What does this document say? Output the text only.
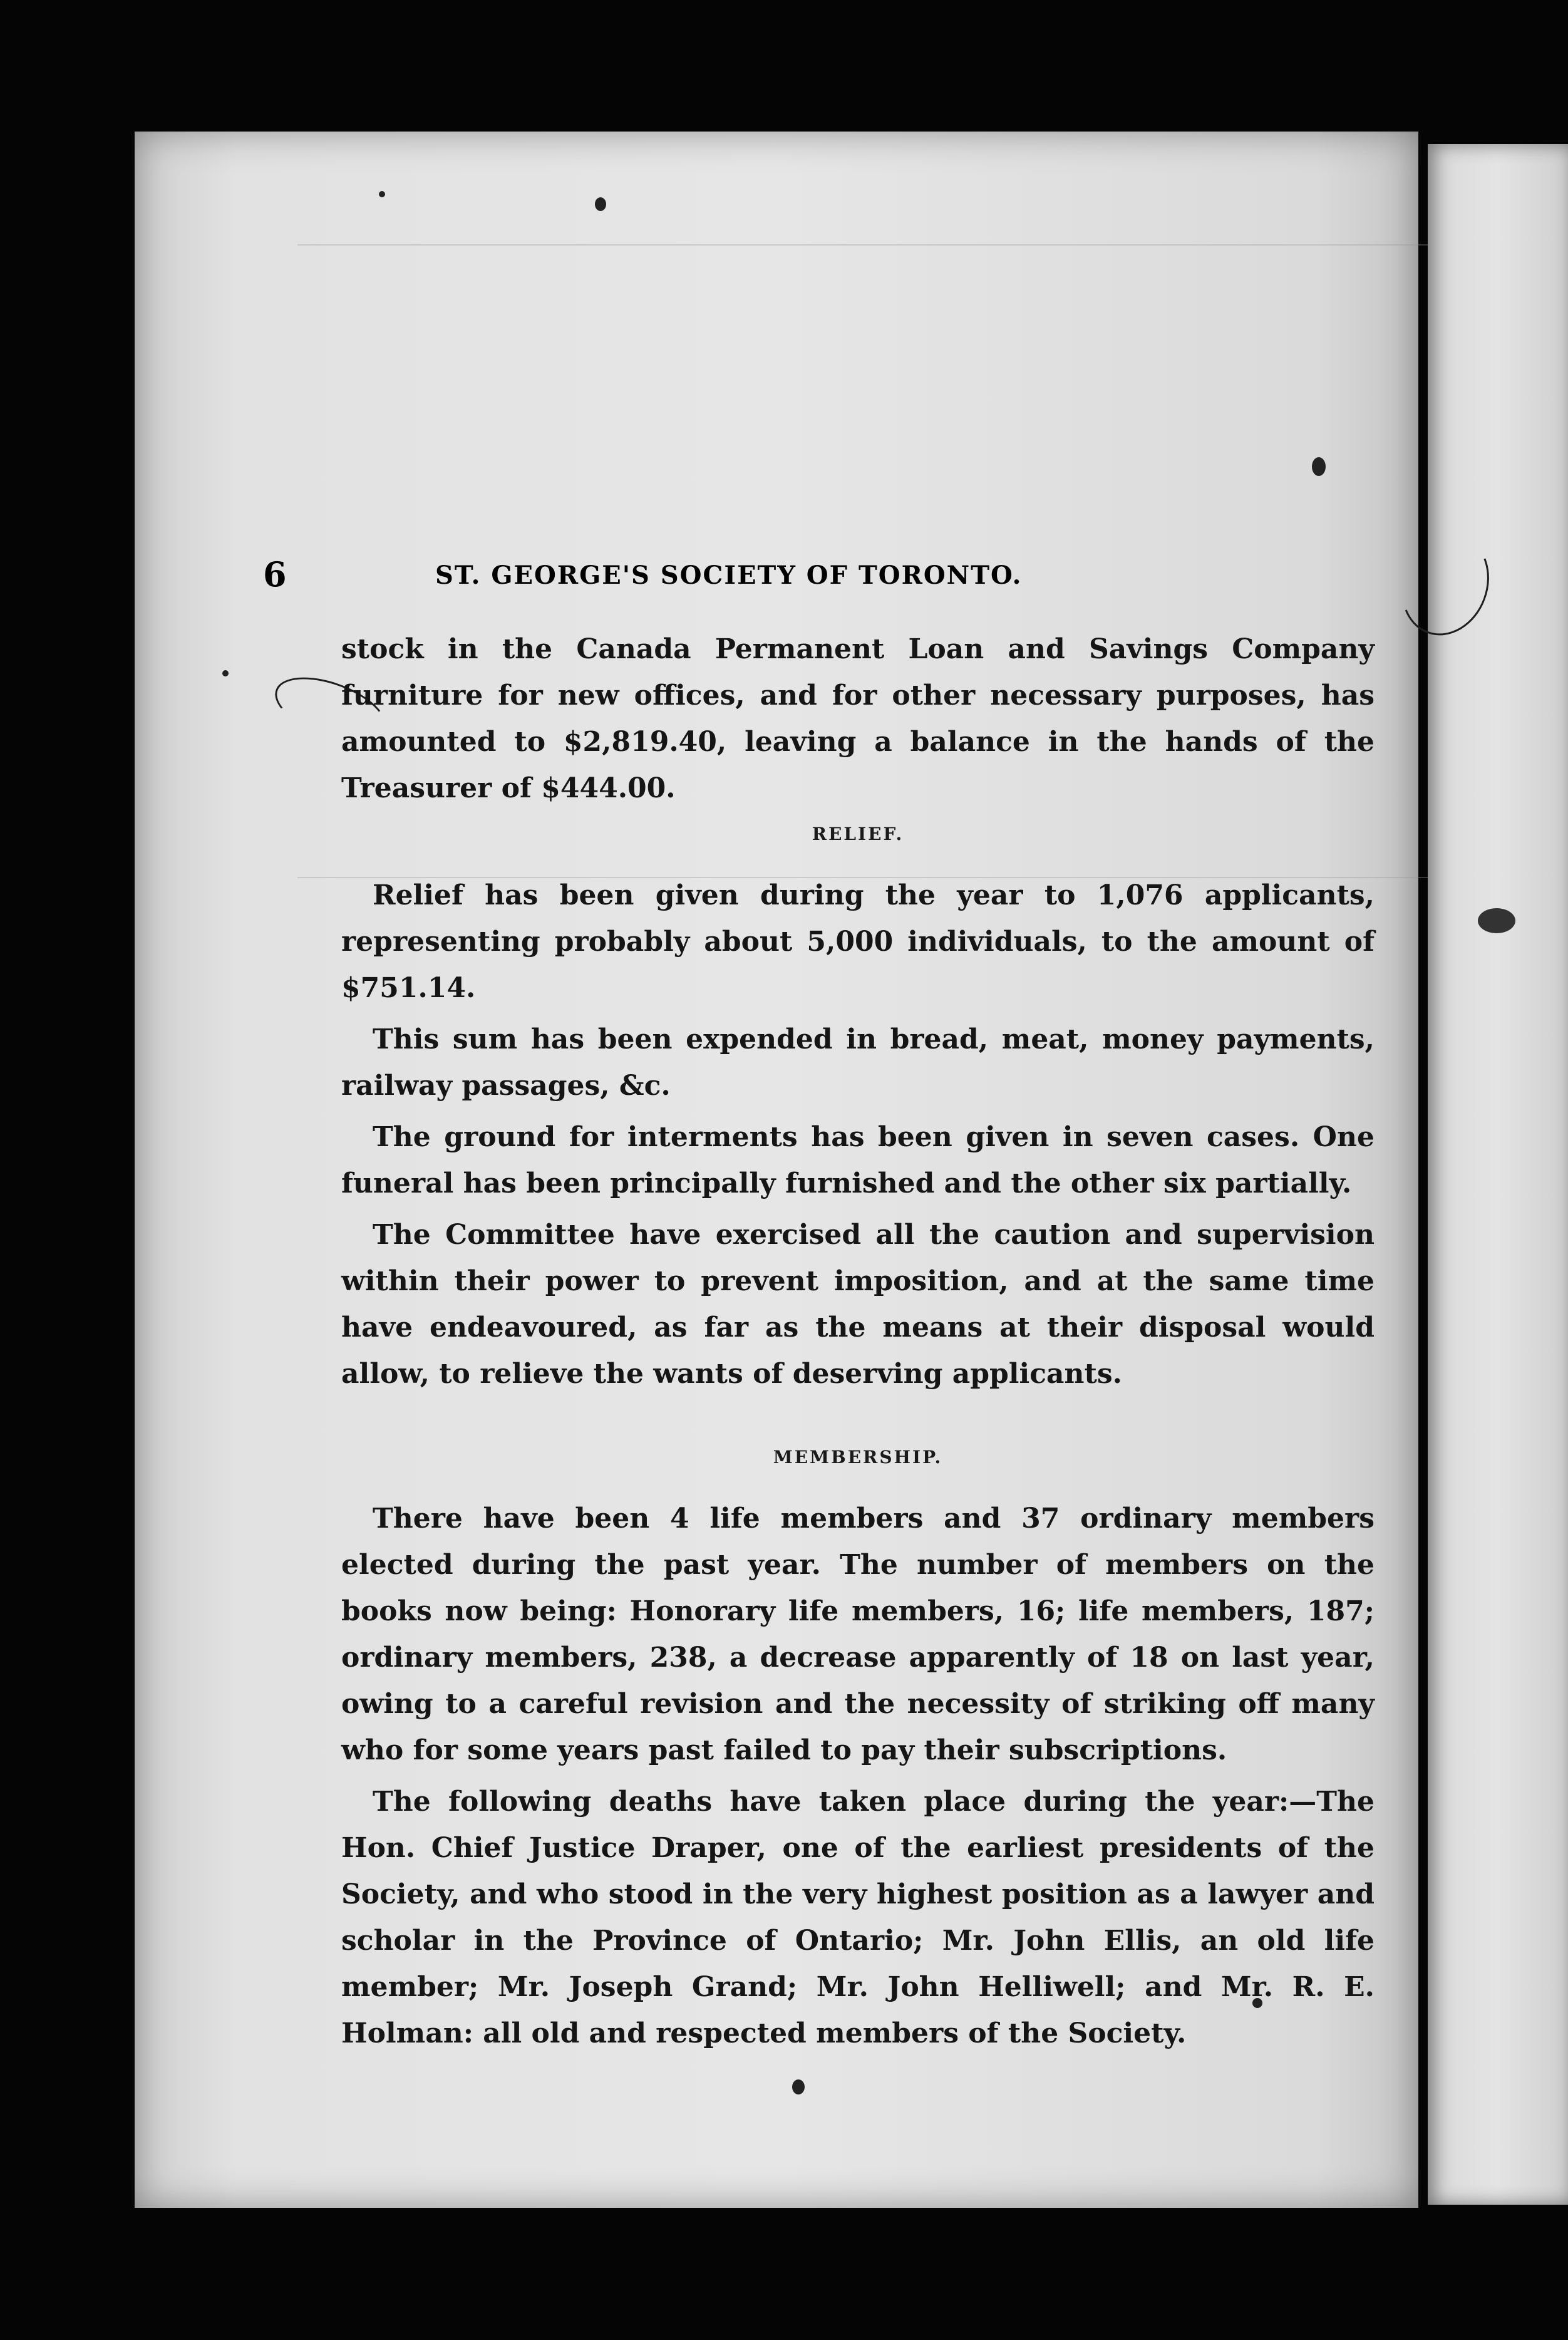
6	ST. GEORGE'S SOCIETY OF TORONTO.

stock in the Canada Permanent Loan and Savings Company furniture for new offices, and for other necessary purposes, has amounted to $2,819.40, leaving a balance in the hands of the Treasurer of $444.00.

RELIEF.

Relief has been given during the year to 1,076 applicants, representing probably about 5,000 individuals, to the amount of $751.14.

This sum has been expended in bread, meat, money payments, railway passages, &c.

The ground for interments has been given in seven cases. One funeral has been principally furnished and the other six partially.

The Committee have exercised all the caution and supervision within their power to prevent imposition, and at the same time have endeavoured, as far as the means at their disposal would allow, to relieve the wants of deserving applicants.

MEMBERSHIP.

There have been 4 life members and 37 ordinary members elected during the past year. The number of members on the books now being: Honorary life members, 16; life members, 187; ordinary members, 238, a decrease apparently of 18 on last year, owing to a careful revision and the necessity of striking off many who for some years past failed to pay their subscriptions.

The following deaths have taken place during the year:—The Hon. Chief Justice Draper, one of the earliest presidents of the Society, and who stood in the very highest position as a lawyer and scholar in the Province of Ontario; Mr. John Ellis, an old life member; Mr. Joseph Grand; Mr. John Helliwell; and Mr. R. E. Holman: all old and respected members of the Society.
